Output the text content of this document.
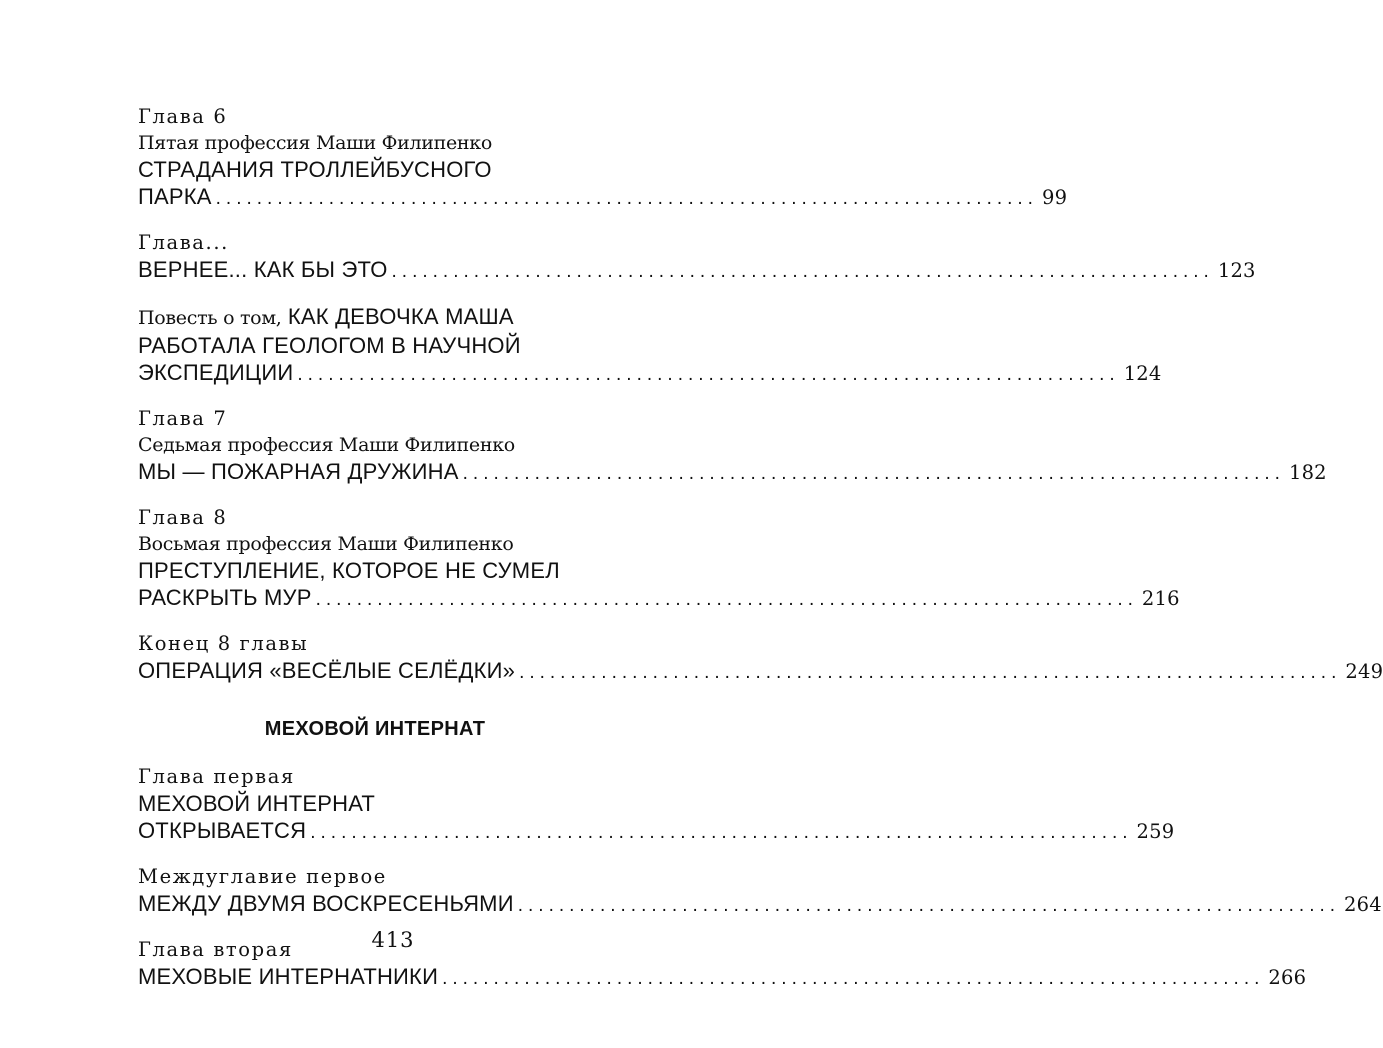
Глава 6
Пятая профессия Маши Филипенко
СТРАДАНИЯ ТРОЛЛЕЙБУСНОГО
ПАРКА ................................................................................ 99
Глава...
ВЕРНЕЕ... КАК БЫ ЭТО ................................................................................ 123
Повесть о том, КАК ДЕВОЧКА МАША
РАБОТАЛА ГЕОЛОГОМ В НАУЧНОЙ
ЭКСПЕДИЦИИ ................................................................................ 124
Глава 7
Седьмая профессия Маши Филипенко
МЫ — ПОЖАРНАЯ ДРУЖИНА ................................................................................ 182
Глава 8
Восьмая профессия Маши Филипенко
ПРЕСТУПЛЕНИЕ, КОТОРОЕ НЕ СУМЕЛ
РАСКРЫТЬ МУР ................................................................................ 216
Конец 8 главы
ОПЕРАЦИЯ «ВЕСЁЛЫЕ СЕЛЁДКИ» ................................................................................ 249
МЕХОВОЙ ИНТЕРНАТ
Глава первая
МЕХОВОЙ ИНТЕРНАТ
ОТКРЫВАЕТСЯ ................................................................................ 259
Междуглавие первое
МЕЖДУ ДВУМЯ ВОСКРЕСЕНЬЯМИ ................................................................................ 264
Глава вторая
МЕХОВЫЕ ИНТЕРНАТНИКИ ................................................................................ 266
413
